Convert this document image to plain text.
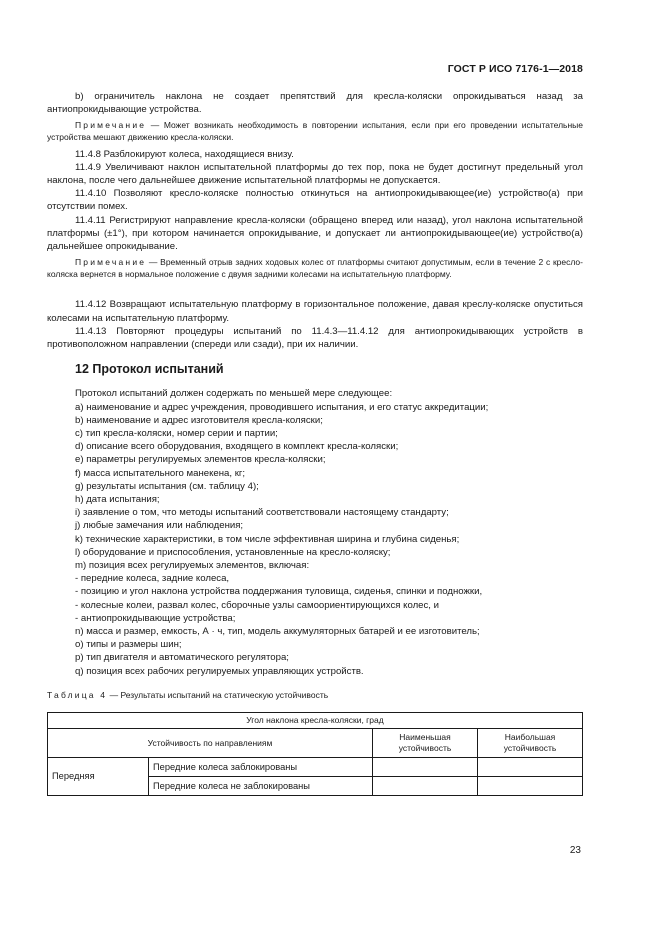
ГОСТ Р ИСО 7176-1—2018

b) ограничитель наклона не создает препятствий для кресла-коляски опрокидываться назад за антиопрокидывающие устройства.

Примечание — Может возникать необходимость в повторении испытания, если при его проведении испытательные устройства мешают движению кресла-коляски.

11.4.8 Разблокируют колеса, находящиеся внизу.

11.4.9 Увеличивают наклон испытательной платформы до тех пор, пока не будет достигнут предельный угол наклона, после чего дальнейшее движение испытательной платформы не допускается.

11.4.10 Позволяют кресло-коляске полностью откинуться на антиопрокидывающее(ие) устройство(а) при отсутствии помех.

11.4.11 Регистрируют направление кресла-коляски (обращено вперед или назад), угол наклона испытательной платформы (±1°), при котором начинается опрокидывание, и допускает ли антиопрокидывающее(ие) устройство(а) дальнейшее опрокидывание.

Примечание — Временный отрыв задних ходовых колес от платформы считают допустимым, если в течение 2 с кресло-коляска вернется в нормальное положение с двумя задними колесами на испытательную платформу.

11.4.12 Возвращают испытательную платформу в горизонтальное положение, давая креслу-коляске опуститься колесами на испытательную платформу.

11.4.13 Повторяют процедуры испытаний по 11.4.3—11.4.12 для антиопрокидывающих устройств в противоположном направлении (спереди или сзади), при их наличии.

12 Протокол испытаний

Протокол испытаний должен содержать по меньшей мере следующее:

a) наименование и адрес учреждения, проводившего испытания, и его статус аккредитации;

b) наименование и адрес изготовителя кресла-коляски;

c) тип кресла-коляски, номер серии и партии;

d) описание всего оборудования, входящего в комплект кресла-коляски;

e) параметры регулируемых элементов кресла-коляски;

f) масса испытательного манекена, кг;

g) результаты испытания (см. таблицу 4);

h) дата испытания;

i) заявление о том, что методы испытаний соответствовали настоящему стандарту;

j) любые замечания или наблюдения;

k) технические характеристики, в том числе эффективная ширина и глубина сиденья;

l) оборудование и приспособления, установленные на кресло-коляску;

m) позиция всех регулируемых элементов, включая:

- передние колеса, задние колеса,

- позицию и угол наклона устройства поддержания туловища, сиденья, спинки и подножки,

- колесные колеи, развал колес, сборочные узлы самоориентирующихся колес, и

- антиопрокидывающие устройства;

n) масса и размер, емкость, А · ч, тип, модель аккумуляторных батарей и ее изготовитель;

o) типы и размеры шин;

p) тип двигателя и автоматического регулятора;

q) позиция всех рабочих регулируемых управляющих устройств.

Таблица 4 — Результаты испытаний на статическую устойчивость

Угол наклона кресла-коляски, град			
Устойчивость по направлениям		Наименьшая устойчивость	Наибольшая устойчивость
Передняя	Передние колеса заблокированы		
	Передние колеса не заблокированы		
23
